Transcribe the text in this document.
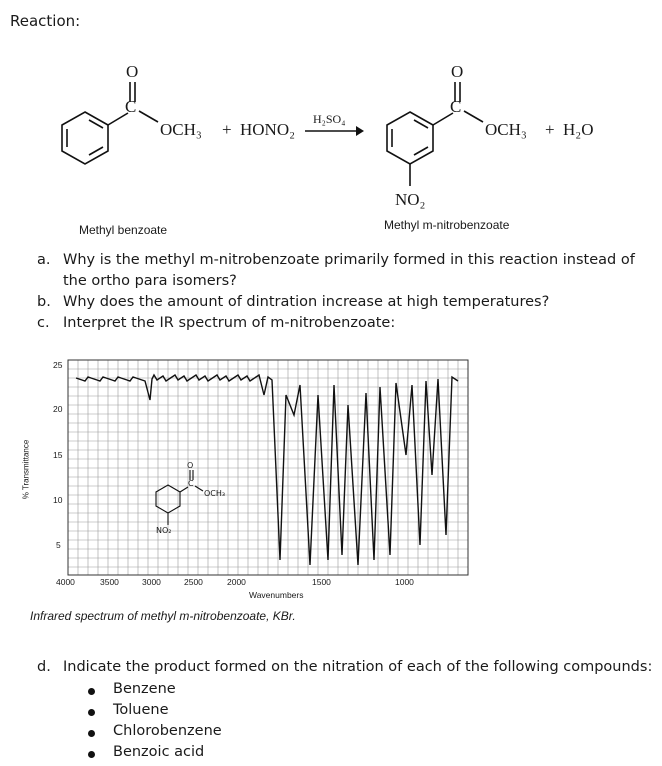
Reaction:
O
C
OCH₃ + HONO₂
H₂SO₄
O
C
OCH₃ + H₂O
NO₂
Methyl benzoate	Methyl m-nitrobenzoate
a. Why is the methyl m-nitrobenzoate primarily formed in this reaction instead of the ortho para isomers?
b. Why does the amount of dintration increase at high temperatures?
c. Interpret the IR spectrum of m-nitrobenzoate:
O
C
OCH₃
NO₂
25
20
15
10
5
% Transmittance
4000	3500	3000	2500	2000	1500	1000
Wavenumbers
Infrared spectrum of methyl m-nitrobenzoate, KBr.
d. Indicate the product formed on the nitration of each of the following compounds:
Benzene
Toluene
Chlorobenzene
Benzoic acid
